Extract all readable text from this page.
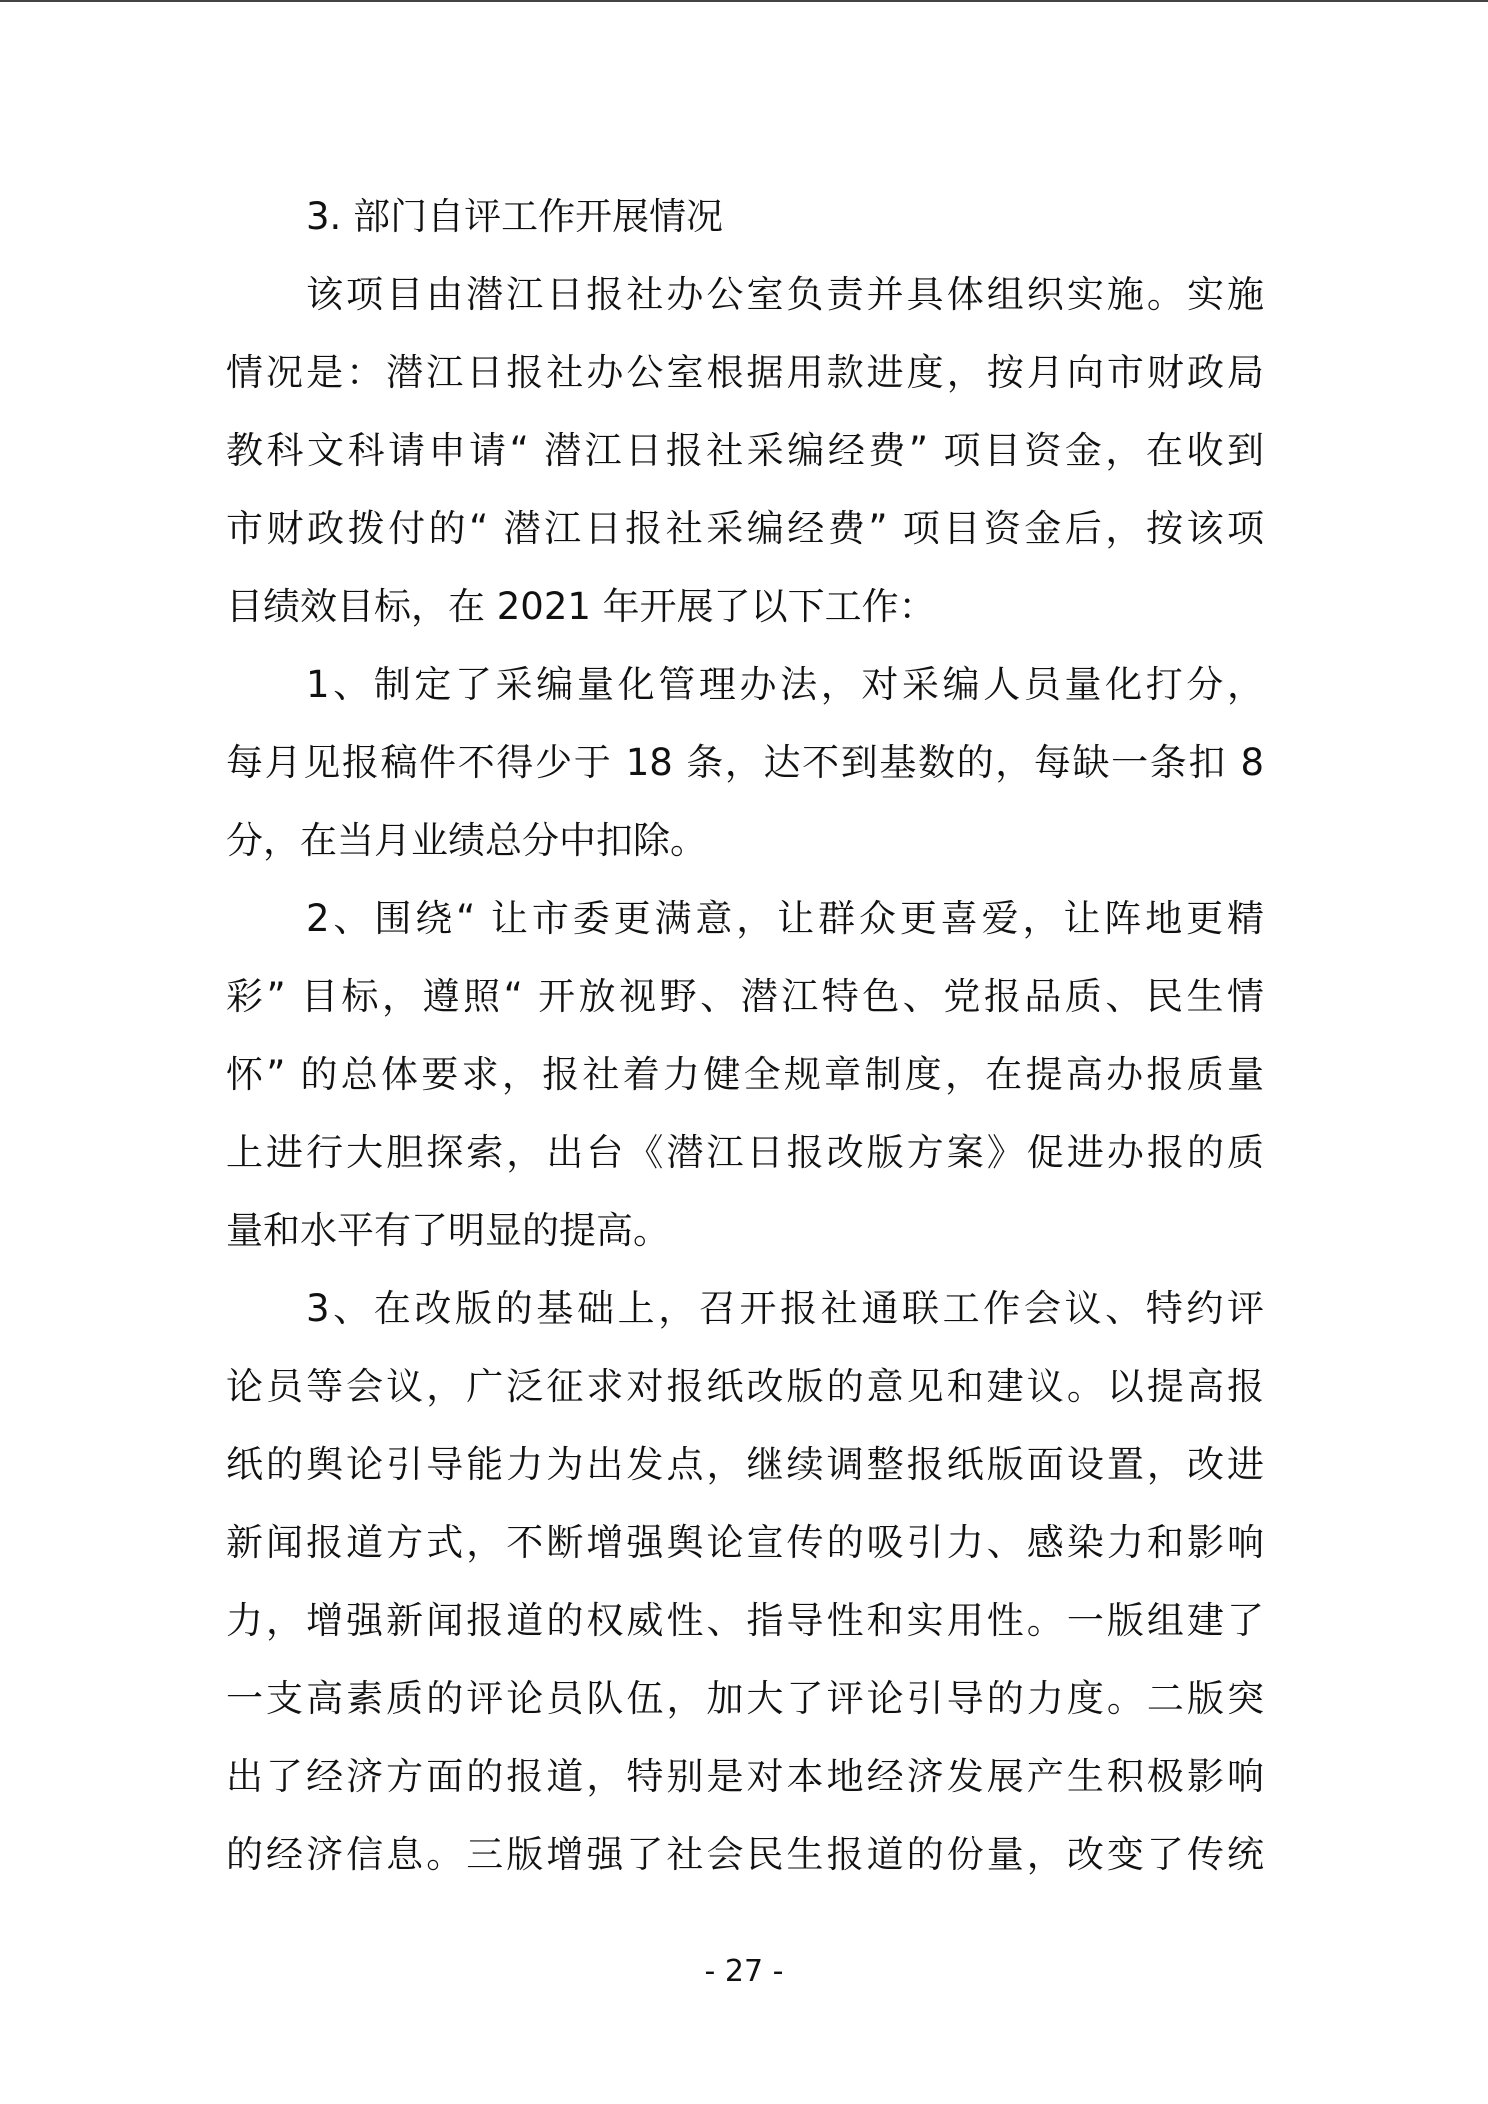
3. 部门自评工作开展情况
该项目由潜江日报社办公室负责并具体组织实施。实施
情况是：潜江日报社办公室根据用款进度，按月向市财政局
教科文科请申请“ 潜江日报社采编经费” 项目资金，在收到
市财政拨付的“ 潜江日报社采编经费” 项目资金后，按该项
目绩效目标，在 2021 年开展了以下工作：
1、制定了采编量化管理办法，对采编人员量化打分，
每月见报稿件不得少于 18 条，达不到基数的，每缺一条扣 8
分，在当月业绩总分中扣除。
2、围绕“ 让市委更满意，让群众更喜爱，让阵地更精
彩” 目标，遵照“ 开放视野、潜江特色、党报品质、民生情
怀” 的总体要求，报社着力健全规章制度，在提高办报质量
上进行大胆探索，出台《潜江日报改版方案》促进办报的质
量和水平有了明显的提高。
3、在改版的基础上，召开报社通联工作会议、特约评
论员等会议，广泛征求对报纸改版的意见和建议。以提高报
纸的舆论引导能力为出发点，继续调整报纸版面设置，改进
新闻报道方式，不断增强舆论宣传的吸引力、感染力和影响
力，增强新闻报道的权威性、指导性和实用性。一版组建了
一支高素质的评论员队伍，加大了评论引导的力度。二版突
出了经济方面的报道，特别是对本地经济发展产生积极影响
的经济信息。三版增强了社会民生报道的份量，改变了传统
- 27 -
